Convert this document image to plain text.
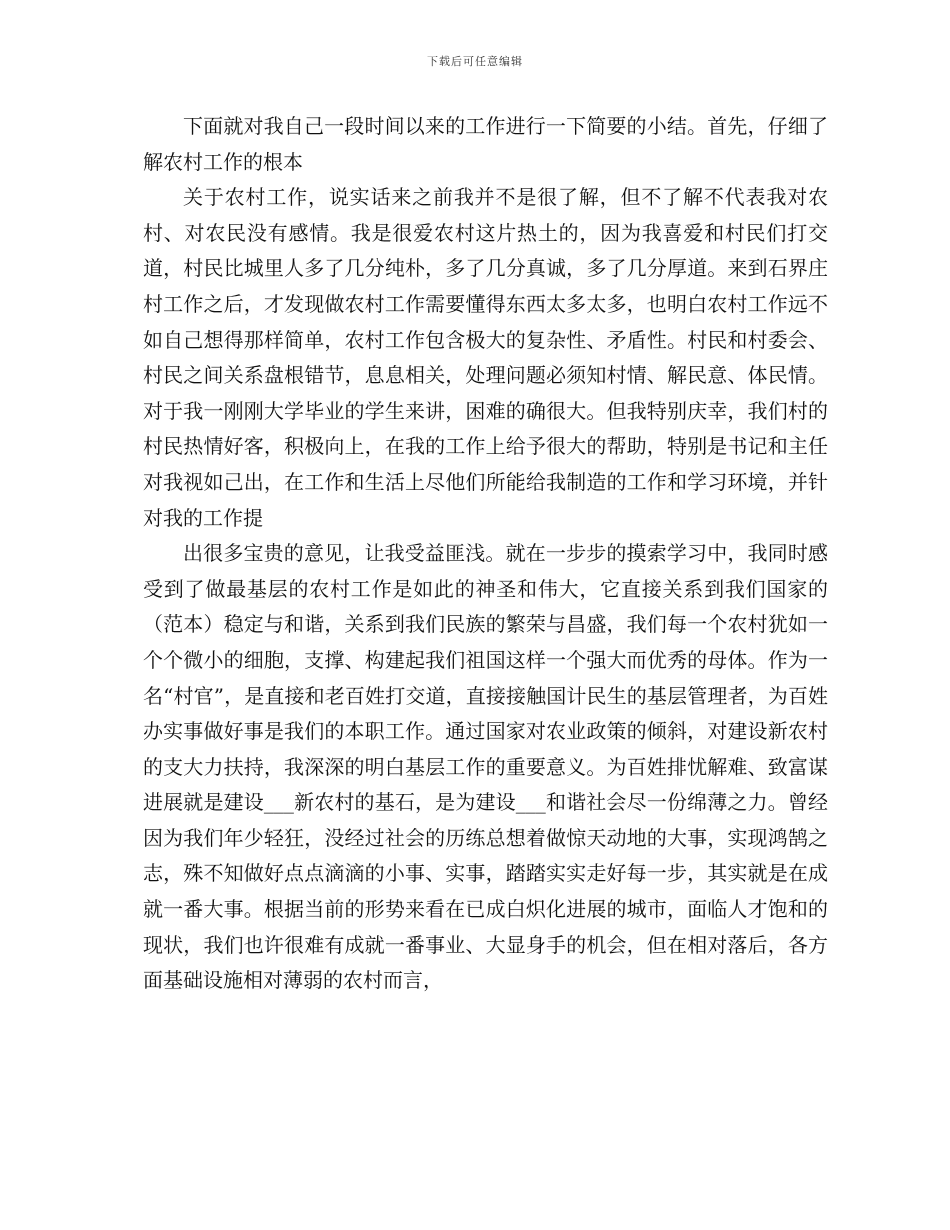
下载后可任意编辑

下面就对我自己一段时间以来的工作进行一下简要的小结。首先，仔细了解农村工作的根本

关于农村工作，说实话来之前我并不是很了解，但不了解不代表我对农村、对农民没有感情。我是很爱农村这片热土的，因为我喜爱和村民们打交道，村民比城里人多了几分纯朴，多了几分真诚，多了几分厚道。来到石界庄村工作之后，才发现做农村工作需要懂得东西太多太多，也明白农村工作远不如自己想得那样简单，农村工作包含极大的复杂性、矛盾性。村民和村委会、村民之间关系盘根错节，息息相关，处理问题必须知村情、解民意、体民情。对于我一刚刚大学毕业的学生来讲，困难的确很大。但我特别庆幸，我们村的村民热情好客，积极向上，在我的工作上给予很大的帮助，特别是书记和主任对我视如己出，在工作和生活上尽他们所能给我制造的工作和学习环境，并针对我的工作提

出很多宝贵的意见，让我受益匪浅。就在一步步的摸索学习中，我同时感受到了做最基层的农村工作是如此的神圣和伟大，它直接关系到我们国家的（范本）稳定与和谐，关系到我们民族的繁荣与昌盛，我们每一个农村犹如一个个微小的细胞，支撑、构建起我们祖国这样一个强大而优秀的母体。作为一名“村官”，是直接和老百姓打交道，直接接触国计民生的基层管理者，为百姓办实事做好事是我们的本职工作。通过国家对农业政策的倾斜，对建设新农村的支大力扶持，我深深的明白基层工作的重要意义。为百姓排忧解难、致富谋进展就是建设___新农村的基石，是为建设___和谐社会尽一份绵薄之力。曾经因为我们年少轻狂，没经过社会的历练总想着做惊天动地的大事，实现鸿鹄之志，殊不知做好点点滴滴的小事、实事，踏踏实实走好每一步，其实就是在成就一番大事。根据当前的形势来看在已成白炽化进展的城市，面临人才饱和的现状，我们也许很难有成就一番事业、大显身手的机会，但在相对落后，各方面基础设施相对薄弱的农村而言，
